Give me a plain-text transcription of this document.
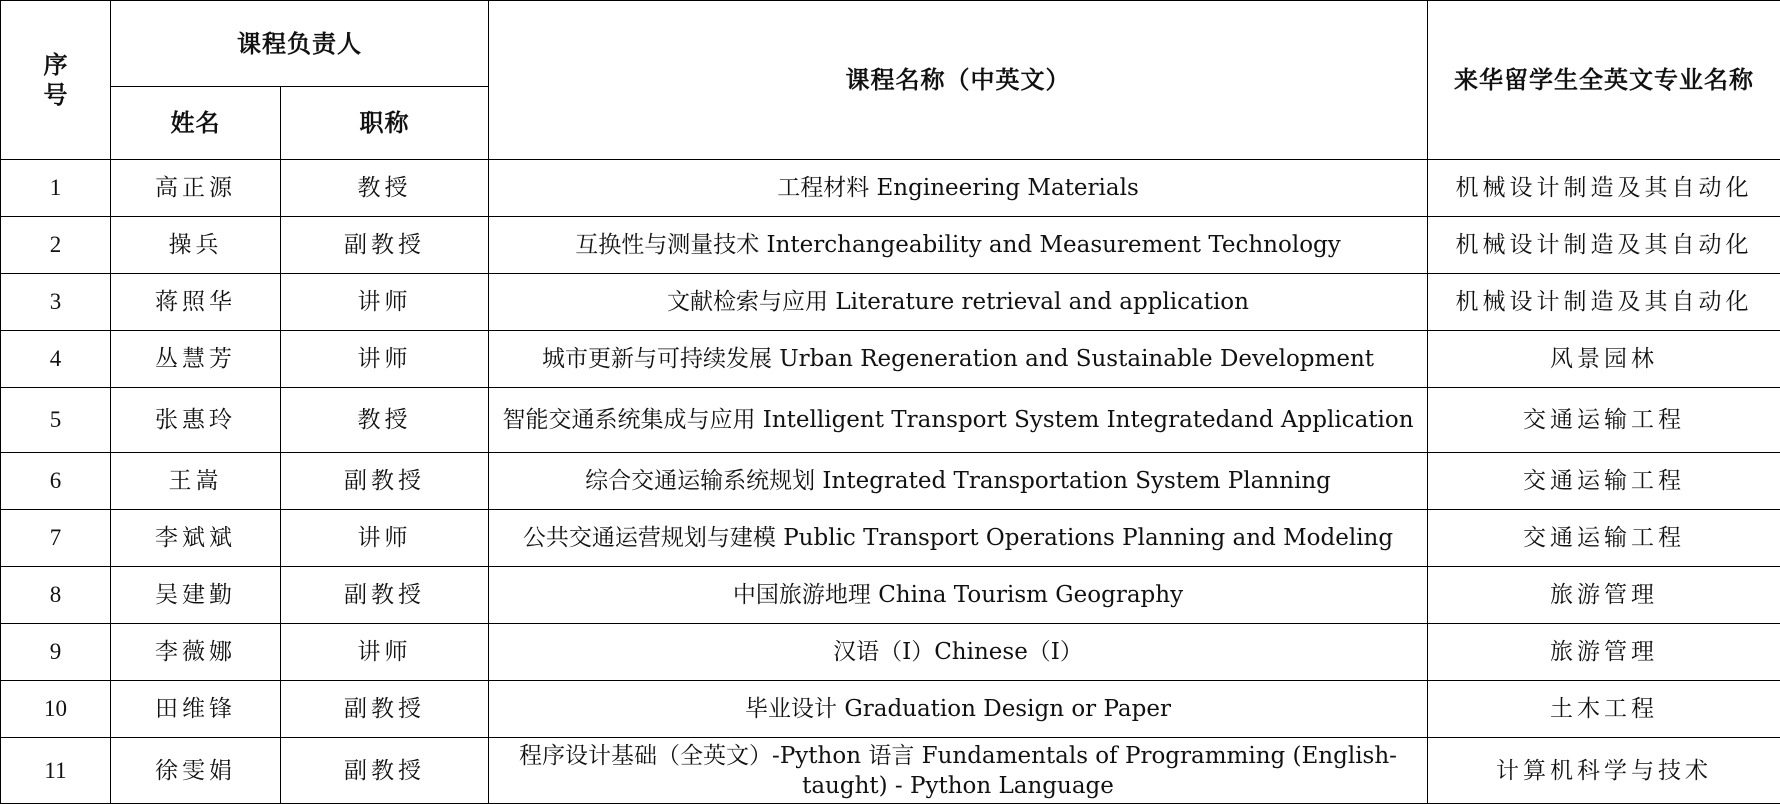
序 号	课程负责人		课程名称（中英文）	来华留学生全英文专业名称
	姓名	职称		
1	高正源	教授	工程材料 Engineering Materials	机械设计制造及其自动化
2	操兵	副教授	互换性与测量技术 Interchangeability and Measurement Technology	机械设计制造及其自动化
3	蒋照华	讲师	文献检索与应用 Literature retrieval and application	机械设计制造及其自动化
4	丛慧芳	讲师	城市更新与可持续发展 Urban Regeneration and Sustainable Development	风景园林
5	张惠玲	教授	智能交通系统集成与应用 Intelligent Transport System Integratedand Application	交通运输工程
6	王嵩	副教授	综合交通运输系统规划 Integrated Transportation System Planning	交通运输工程
7	李斌斌	讲师	公共交通运营规划与建模 Public Transport Operations Planning and Modeling	交通运输工程
8	吴建勤	副教授	中国旅游地理 China Tourism Geography	旅游管理
9	李薇娜	讲师	汉语（I）Chinese（I）	旅游管理
10	田维锋	副教授	毕业设计 Graduation Design or Paper	土木工程
11	徐雯娟	副教授	程序设计基础（全英文）-Python 语言 Fundamentals of Programming (English-taught) - Python Language	计算机科学与技术
